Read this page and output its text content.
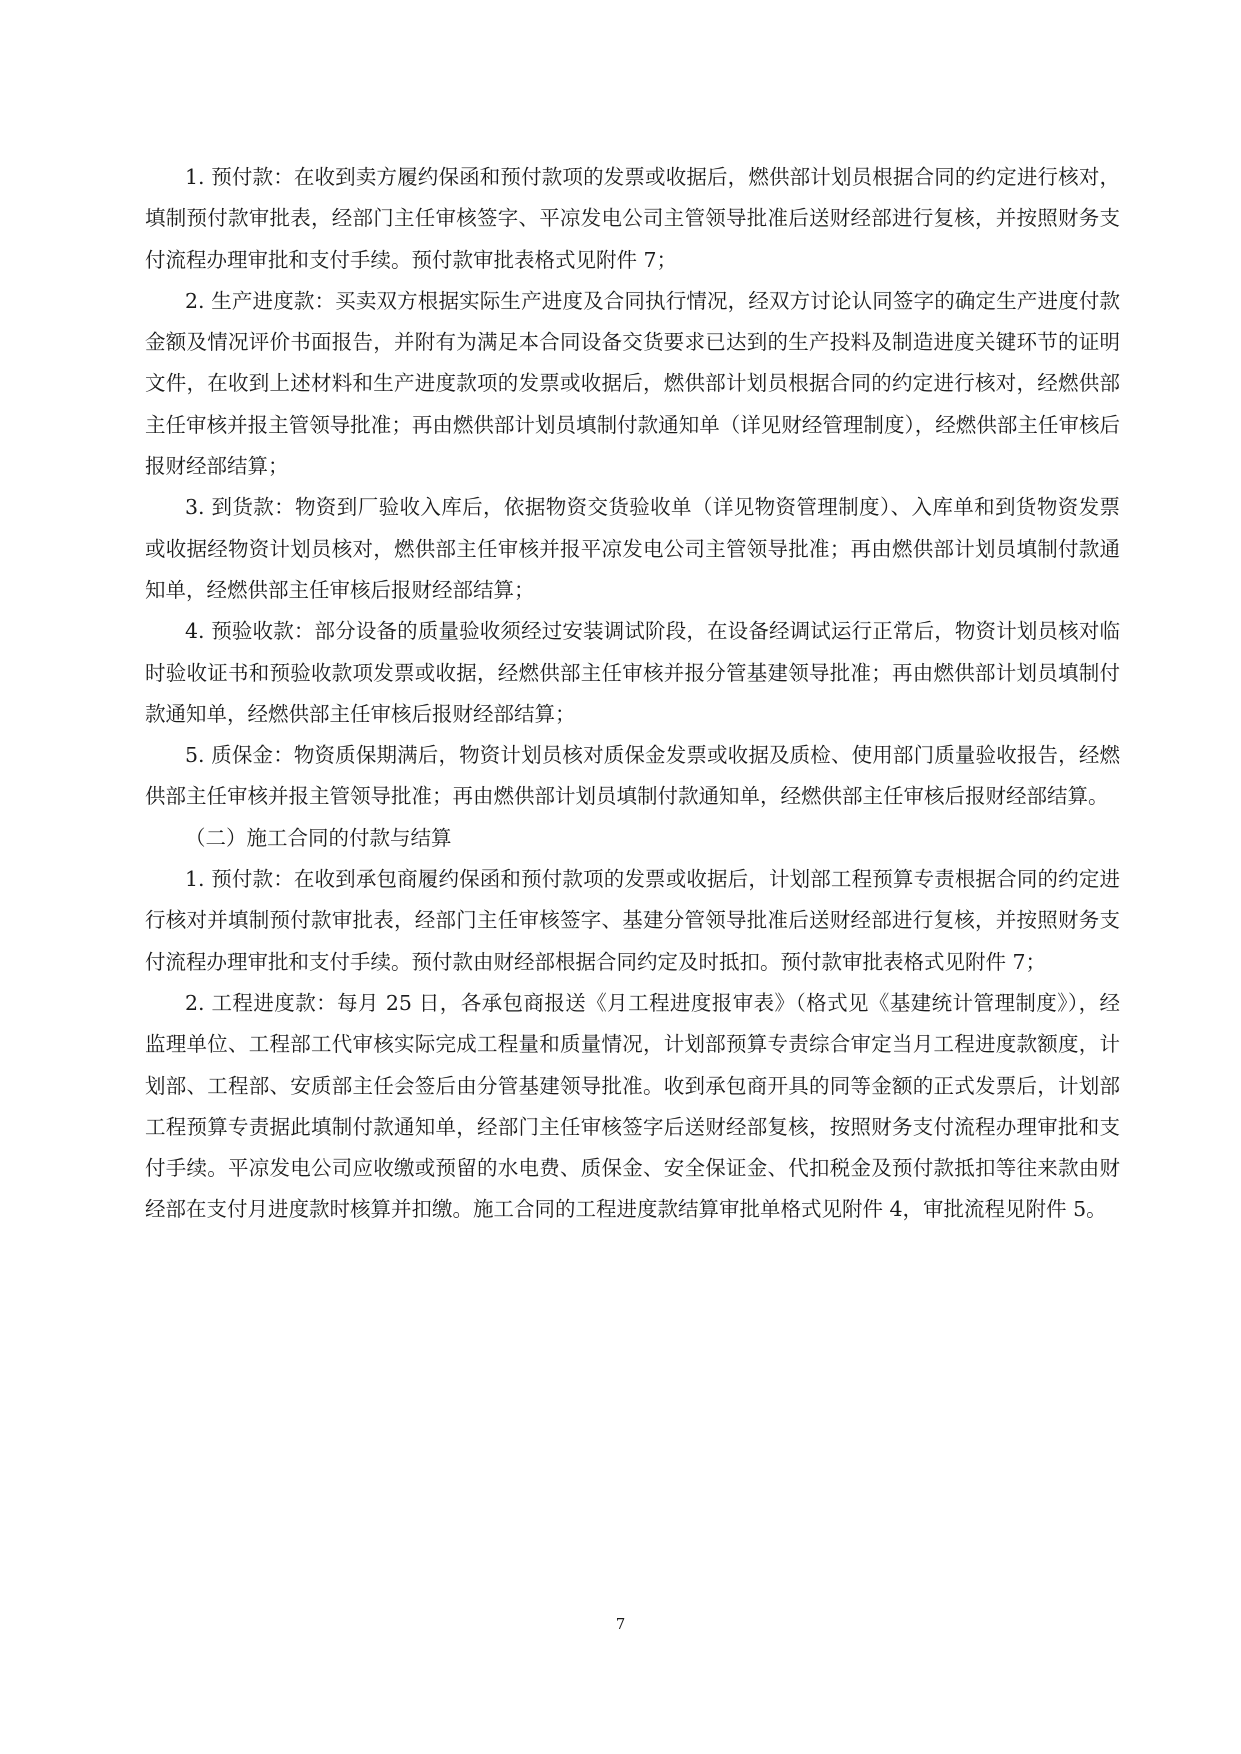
1. 预付款：在收到卖方履约保函和预付款项的发票或收据后，燃供部计划员根据合同的约定进行核对，填制预付款审批表，经部门主任审核签字、平凉发电公司主管领导批准后送财经部进行复核，并按照财务支付流程办理审批和支付手续。预付款审批表格式见附件 7；

2. 生产进度款：买卖双方根据实际生产进度及合同执行情况，经双方讨论认同签字的确定生产进度付款金额及情况评价书面报告，并附有为满足本合同设备交货要求已达到的生产投料及制造进度关键环节的证明文件，在收到上述材料和生产进度款项的发票或收据后，燃供部计划员根据合同的约定进行核对，经燃供部主任审核并报主管领导批准；再由燃供部计划员填制付款通知单（详见财经管理制度），经燃供部主任审核后报财经部结算；

3. 到货款：物资到厂验收入库后，依据物资交货验收单（详见物资管理制度）、入库单和到货物资发票或收据经物资计划员核对，燃供部主任审核并报平凉发电公司主管领导批准；再由燃供部计划员填制付款通知单，经燃供部主任审核后报财经部结算；

4. 预验收款：部分设备的质量验收须经过安装调试阶段，在设备经调试运行正常后，物资计划员核对临时验收证书和预验收款项发票或收据，经燃供部主任审核并报分管基建领导批准；再由燃供部计划员填制付款通知单，经燃供部主任审核后报财经部结算；

5. 质保金：物资质保期满后，物资计划员核对质保金发票或收据及质检、使用部门质量验收报告，经燃供部主任审核并报主管领导批准；再由燃供部计划员填制付款通知单，经燃供部主任审核后报财经部结算。

（二）施工合同的付款与结算

1. 预付款：在收到承包商履约保函和预付款项的发票或收据后，计划部工程预算专责根据合同的约定进行核对并填制预付款审批表，经部门主任审核签字、基建分管领导批准后送财经部进行复核，并按照财务支付流程办理审批和支付手续。预付款由财经部根据合同约定及时抵扣。预付款审批表格式见附件 7；

2. 工程进度款：每月 25 日，各承包商报送《月工程进度报审表》（格式见《基建统计管理制度》），经监理单位、工程部工代审核实际完成工程量和质量情况，计划部预算专责综合审定当月工程进度款额度，计划部、工程部、安质部主任会签后由分管基建领导批准。收到承包商开具的同等金额的正式发票后，计划部工程预算专责据此填制付款通知单，经部门主任审核签字后送财经部复核，按照财务支付流程办理审批和支付手续。平凉发电公司应收缴或预留的水电费、质保金、安全保证金、代扣税金及预付款抵扣等往来款由财经部在支付月进度款时核算并扣缴。施工合同的工程进度款结算审批单格式见附件 4，审批流程见附件 5。

7
